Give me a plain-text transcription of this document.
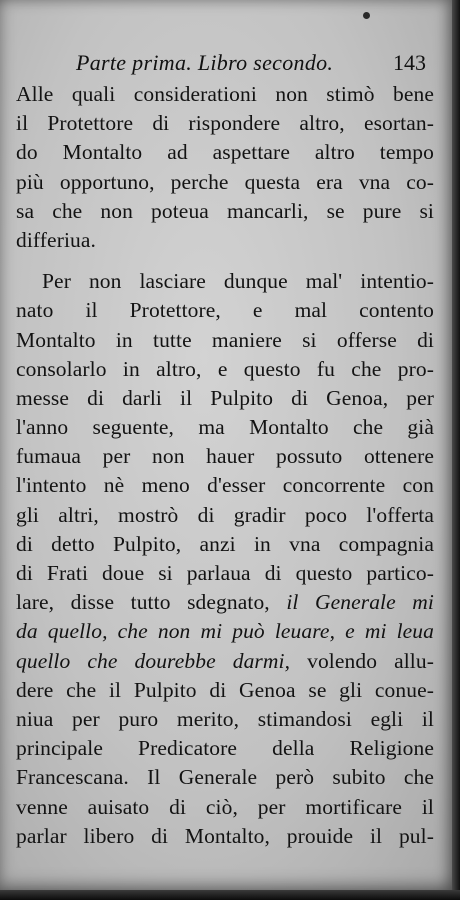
Parte prima. Libro secondo.	143
Alle quali considerationi non stimò bene
il Protettore di rispondere altro, esortan-
do Montalto ad aspettare altro tempo
più opportuno, perche questa era vna co-
sa che non poteua mancarli, se pure si
differiua.
Per non lasciare dunque mal' intentio-
nato il Protettore, e mal contento
Montalto in tutte maniere si offerse di
consolarlo in altro, e questo fu che pro-
messe di darli il Pulpito di Genoa, per
l'anno seguente, ma Montalto che già
fumaua per non hauer possuto ottenere
l'intento nè meno d'esser concorrente con
gli altri, mostrò di gradir poco l'offerta
di detto Pulpito, anzi in vna compagnia
di Frati doue si parlaua di questo partico-
lare, disse tutto sdegnato, il Generale mi
da quello, che non mi può leuare, e mi leua
quello che dourebbe darmi, volendo allu-
dere che il Pulpito di Genoa se gli conue-
niua per puro merito, stimandosi egli il
principale Predicatore della Religione
Francescana. Il Generale però subito che
venne auisato di ciò, per mortificare il
parlar libero di Montalto, prouide il pul-
